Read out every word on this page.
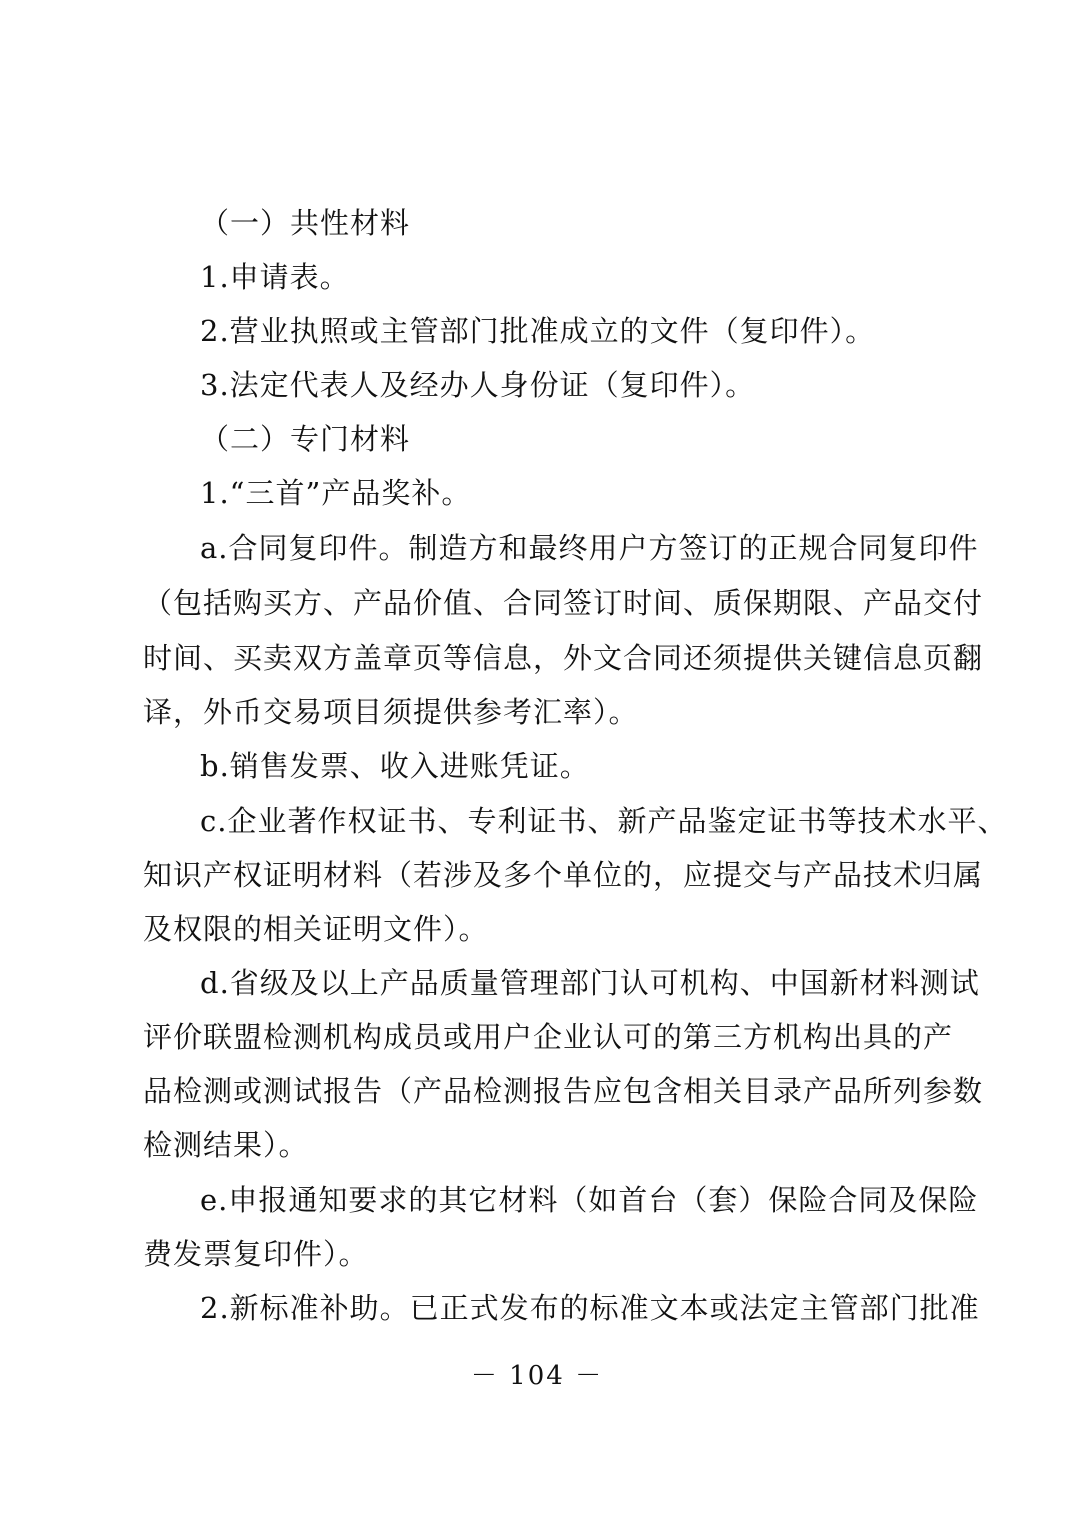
（一）共性材料
1.申请表。
2.营业执照或主管部门批准成立的文件（复印件）。
3.法定代表人及经办人身份证（复印件）。
（二）专门材料
1.“三首”产品奖补。
a.合同复印件。制造方和最终用户方签订的正规合同复印件
（包括购买方、产品价值、合同签订时间、质保期限、产品交付
时间、买卖双方盖章页等信息，外文合同还须提供关键信息页翻
译，外币交易项目须提供参考汇率）。
b.销售发票、收入进账凭证。
c.企业著作权证书、专利证书、新产品鉴定证书等技术水平、
知识产权证明材料（若涉及多个单位的，应提交与产品技术归属
及权限的相关证明文件）。
d.省级及以上产品质量管理部门认可机构、中国新材料测试
评价联盟检测机构成员或用户企业认可的第三方机构出具的产
品检测或测试报告（产品检测报告应包含相关目录产品所列参数
检测结果）。
e.申报通知要求的其它材料（如首台（套）保险合同及保险
费发票复印件）。
2.新标准补助。已正式发布的标准文本或法定主管部门批准
－ 104 －
